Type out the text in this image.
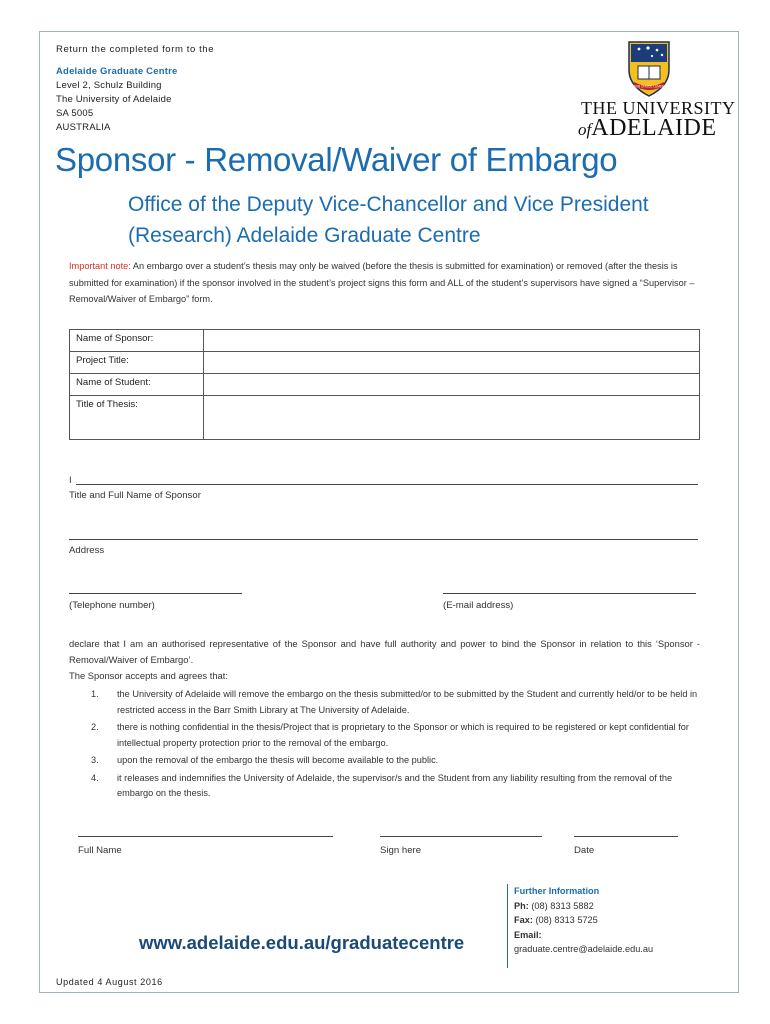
Return the completed form to the
Adelaide Graduate Centre
Level 2, Schulz Building
The University of Adelaide
SA 5005
AUSTRALIA
SUB CRUCE LUMEN
THE UNIVERSITY
ofADELAIDE
Sponsor - Removal/Waiver of Embargo
Office of the Deputy Vice-Chancellor and Vice President (Research) Adelaide Graduate Centre
Important note: An embargo over a student’s thesis may only be waived (before the thesis is submitted for examination) or removed (after the thesis is submitted for examination) if the sponsor involved in the student’s project signs this form and ALL of the student’s supervisors have signed a “Supervisor – Removal/Waiver of Embargo” form.
Name of Sponsor:	
Project Title:	
Name of Student:	
Title of Thesis:	
I
Title and Full Name of Sponsor
Address
(Telephone number)	(E-mail address)
declare that I am an authorised representative of the Sponsor and have full authority and power to bind the Sponsor in relation to this ‘Sponsor - Removal/Waiver of Embargo’.
The Sponsor accepts and agrees that:
1. the University of Adelaide will remove the embargo on the thesis submitted/or to be submitted by the Student and currently held/or to be held in restricted access in the Barr Smith Library at The University of Adelaide.
2. there is nothing confidential in the thesis/Project that is proprietary to the Sponsor or which is required to be registered or kept confidential for intellectual property protection prior to the removal of the embargo.
3. upon the removal of the embargo the thesis will become available to the public.
4. it releases and indemnifies the University of Adelaide, the supervisor/s and the Student from any liability resulting from the removal of the embargo on the thesis.
Full Name	Sign here	Date
Further Information
Ph: (08) 8313 5882
Fax: (08) 8313 5725
Email:
graduate.centre@adelaide.edu.au
www.adelaide.edu.au/graduatecentre
Updated 4 August 2016
